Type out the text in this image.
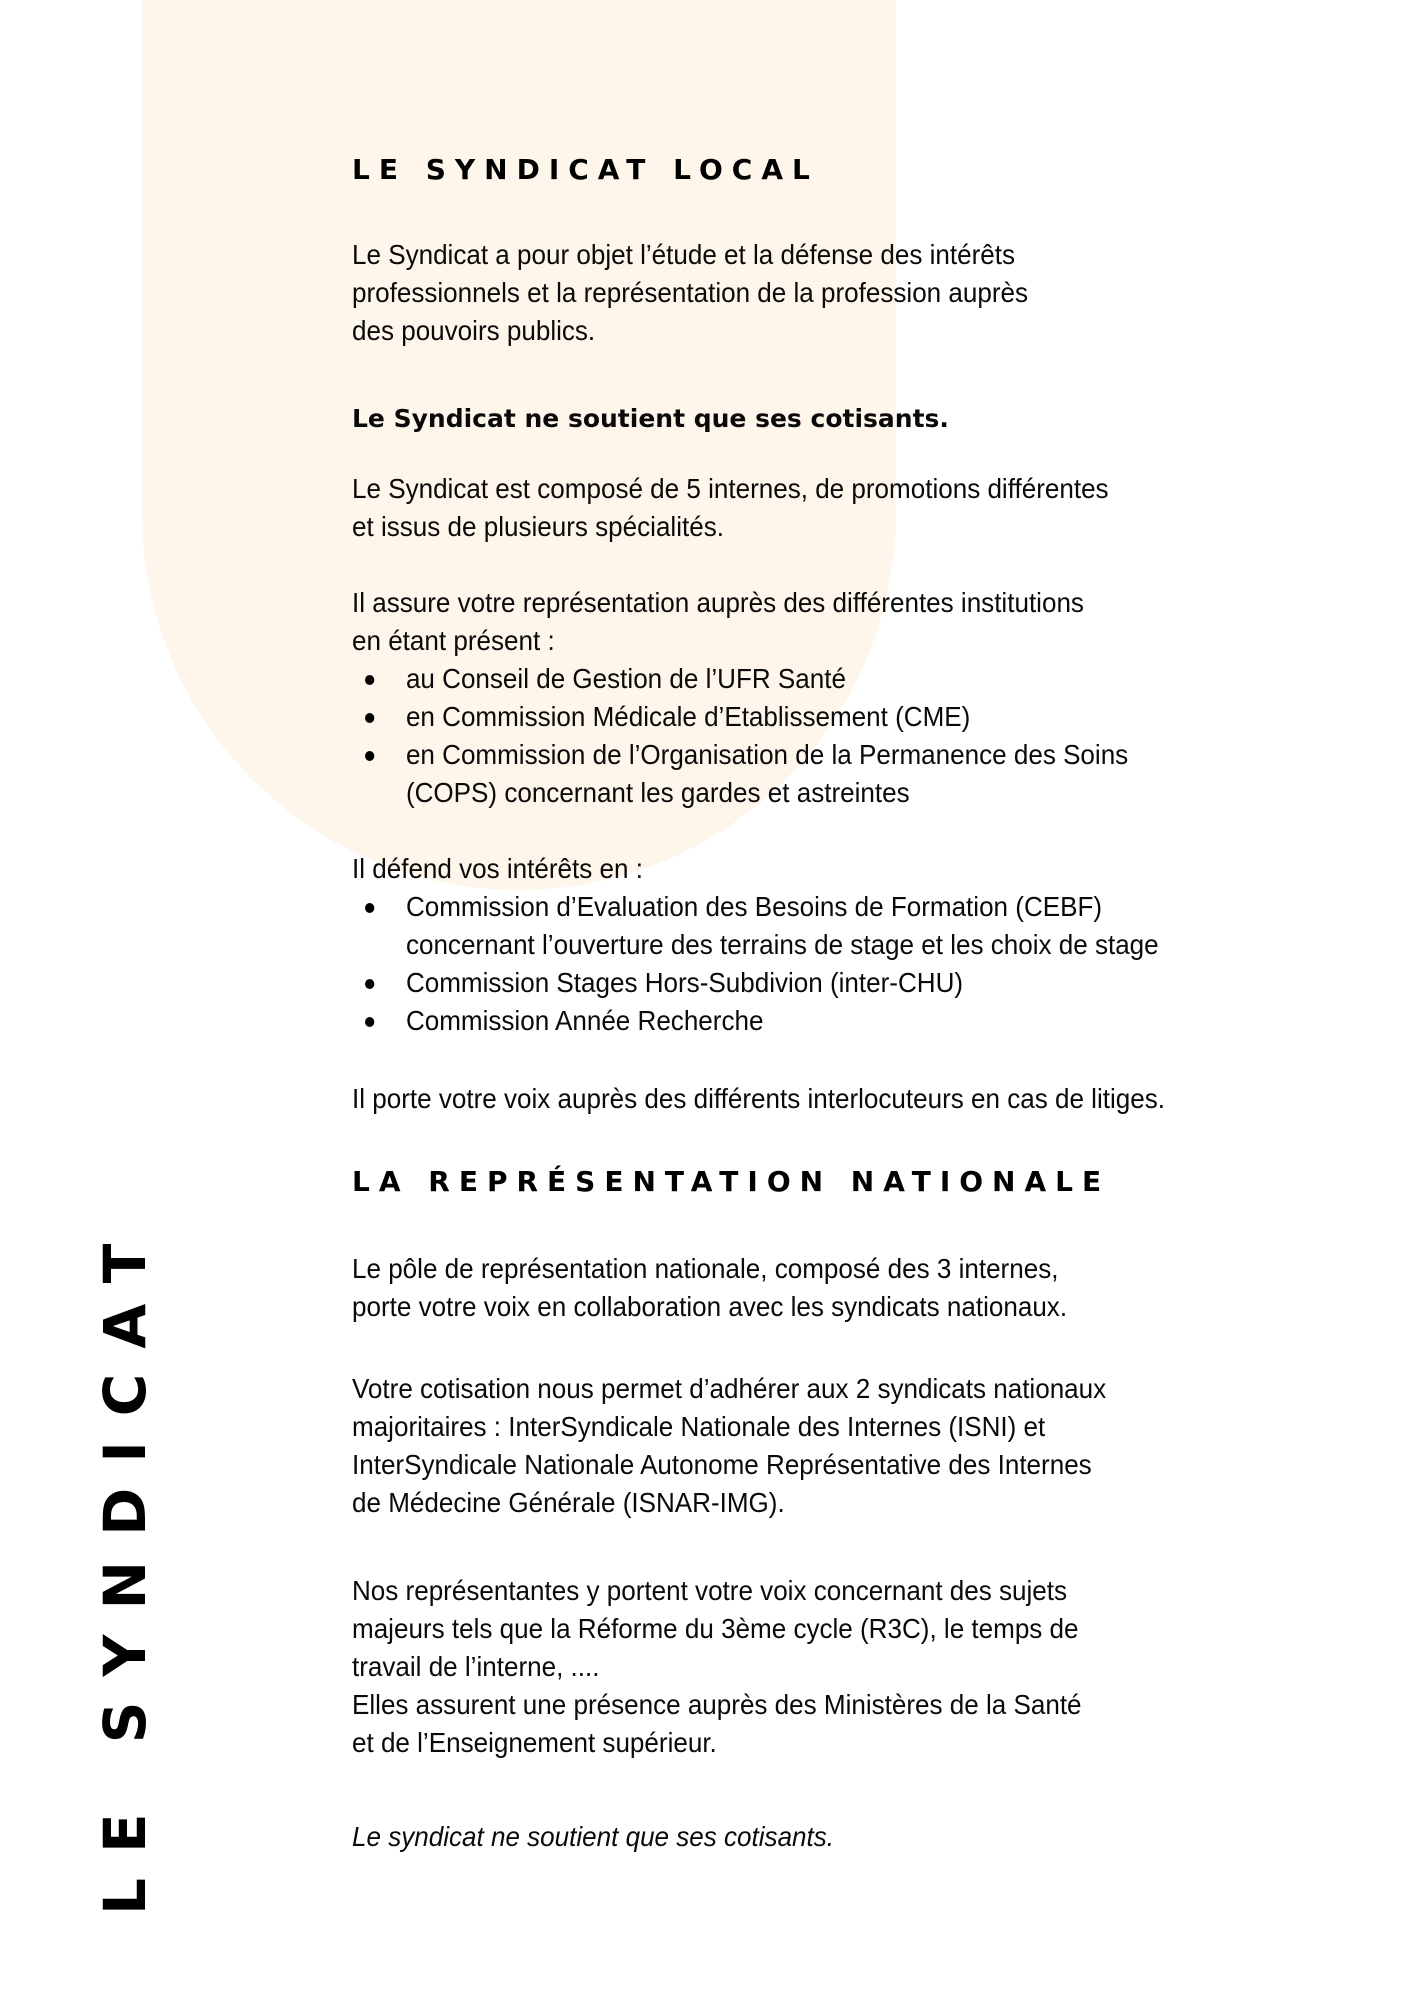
LE SYNDICAT
LE SYNDICAT LOCAL
Le Syndicat a pour objet l’étude et la défense des intérêts
professionnels et la représentation de la profession auprès
des pouvoirs publics.
Le Syndicat ne soutient que ses cotisants.
Le Syndicat est composé de 5 internes, de promotions différentes
et issus de plusieurs spécialités.
Il assure votre représentation auprès des différentes institutions
en étant présent :
au Conseil de Gestion de l’UFR Santé
en Commission Médicale d’Etablissement (CME)
en Commission de l’Organisation de la Permanence des Soins
(COPS) concernant les gardes et astreintes
Il défend vos intérêts en :
Commission d’Evaluation des Besoins de Formation (CEBF)
concernant l’ouverture des terrains de stage et les choix de stage
Commission Stages Hors-Subdivion (inter-CHU)
Commission Année Recherche
Il porte votre voix auprès des différents interlocuteurs en cas de litiges.
LA REPRÉSENTATION NATIONALE
Le pôle de représentation nationale, composé des 3 internes,
porte votre voix en collaboration avec les syndicats nationaux.
Votre cotisation nous permet d’adhérer aux 2 syndicats nationaux
majoritaires : InterSyndicale Nationale des Internes (ISNI) et
InterSyndicale Nationale Autonome Représentative des Internes
de Médecine Générale (ISNAR-IMG).
Nos représentantes y portent votre voix concernant des sujets
majeurs tels que la Réforme du 3ème cycle (R3C), le temps de
travail de l’interne, ....
Elles assurent une présence auprès des Ministères de la Santé
et de l’Enseignement supérieur.
Le syndicat ne soutient que ses cotisants.
